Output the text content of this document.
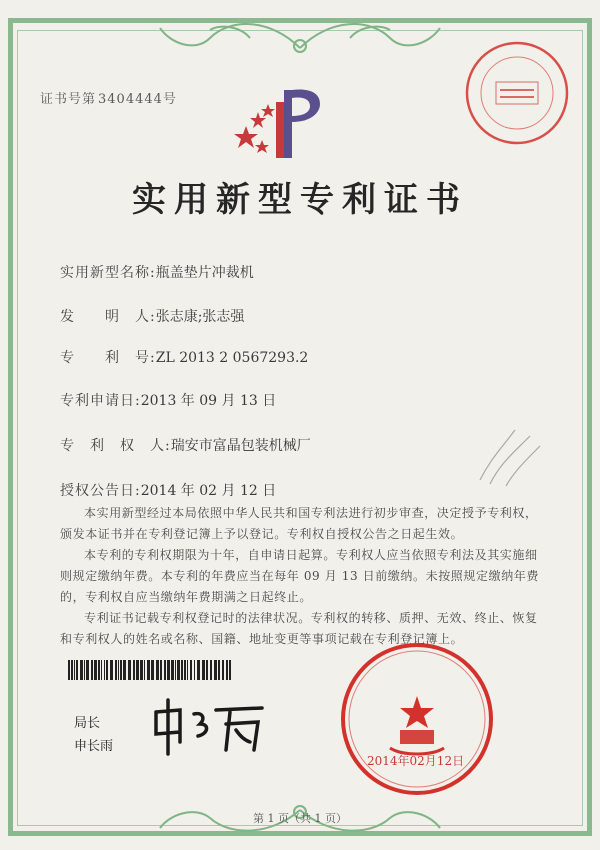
证书号第 3404444号
实用新型专利证书
实用新型名称:瓶盖垫片冲裁机
发　　明　人:张志康;张志强
专　　利　号:ZL 2013 2 0567293.2
专利申请日:2013 年 09 月 13 日
专　利　权　人:瑞安市富晶包装机械厂
授权公告日:2014 年 02 月 12 日

本实用新型经过本局依照中华人民共和国专利法进行初步审查，决定授予专利权，颁发本证书并在专利登记簿上予以登记。专利权自授权公告之日起生效。

本专利的专利权期限为十年，自申请日起算。专利权人应当依照专利法及其实施细则规定缴纳年费。本专利的年费应当在每年 09 月 13 日前缴纳。未按照规定缴纳年费的，专利权自应当缴纳年费期满之日起终止。

专利证书记载专利权登记时的法律状况。专利权的转移、质押、无效、终止、恢复和专利权人的姓名或名称、国籍、地址变更等事项记载在专利登记簿上。

局长
申长雨
2014年02月12日
第 1 页（共 1 页）
